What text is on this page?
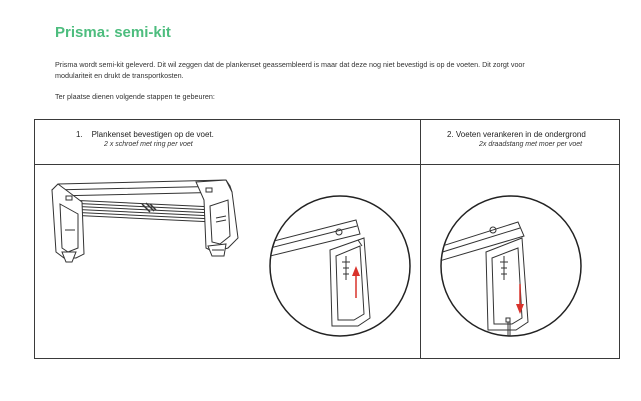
Prisma: semi-kit

Prisma wordt semi-kit geleverd. Dit wil zeggen dat de plankenset geassembleerd is maar dat deze nog niet bevestigd is op de voeten. Dit zorgt voor modulariteit en drukt de transportkosten.

Ter plaatse dienen volgende stappen te gebeuren:

1. Plankenset bevestigen op de voet.
2 x schroef met ring per voet
2. Voeten verankeren in de ondergrond
2x draadstang met moer per voet
